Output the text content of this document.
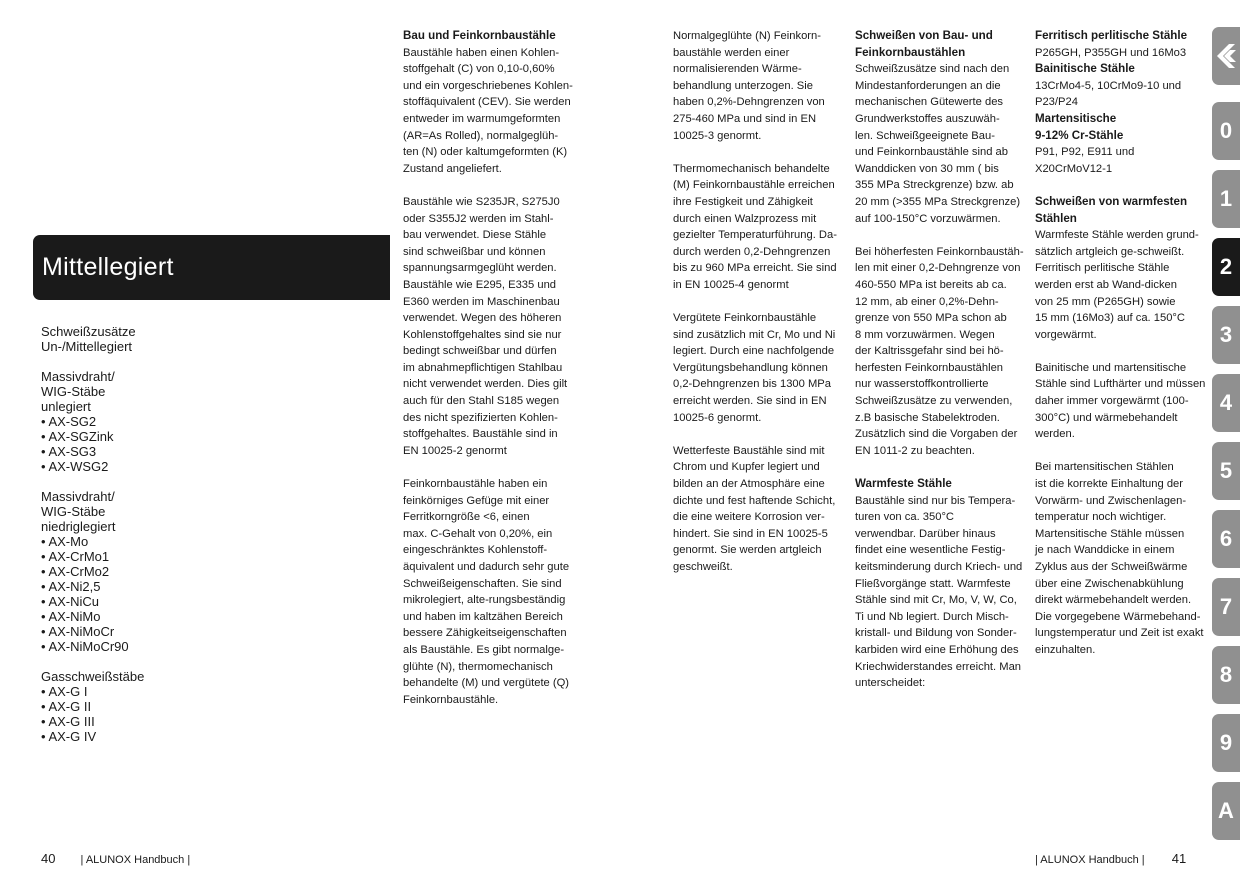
Mittellegiert
Schweißzusätze
Un-/Mittellegiert
Massivdraht/
WIG-Stäbe
unlegiert
• AX-SG2
• AX-SGZink
• AX-SG3
• AX-WSG2
Massivdraht/
WIG-Stäbe
niedriglegiert
• AX-Mo
• AX-CrMo1
• AX-CrMo2
• AX-Ni2,5
• AX-NiCu
• AX-NiMo
• AX-NiMoCr
• AX-NiMoCr90
Gasschweißstäbe
• AX-G I
• AX-G II
• AX-G III
• AX-G IV
Bau und Feinkornbaustähle
Baustähle haben einen Kohlen-
stoffgehalt (C) von 0,10-0,60%
und ein vorgeschriebenes Kohlen-
stoffäquivalent (CEV). Sie werden
entweder im warmumgeformten
(AR=As Rolled), normalgeglüh-
ten (N) oder kaltumgeformten (K)
Zustand angeliefert.
Baustähle wie S235JR, S275J0
oder S355J2 werden im Stahl-
bau verwendet. Diese Stähle
sind schweißbar und können
spannungsarmgeglüht werden.
Baustähle wie E295, E335 und
E360 werden im Maschinenbau
verwendet. Wegen des höheren
Kohlenstoffgehaltes sind sie nur
bedingt schweißbar und dürfen
im abnahmepflichtigen Stahlbau
nicht verwendet werden. Dies gilt
auch für den Stahl S185 wegen
des nicht spezifizierten Kohlen-
stoffgehaltes. Baustähle sind in
EN 10025-2 genormt
Feinkornbaustähle haben ein
feinkörniges Gefüge mit einer
Ferritkorngröße <6, einen
max. C-Gehalt von 0,20%, ein
eingeschränktes Kohlenstoff-
äquivalent und dadurch sehr gute
Schweißeigenschaften. Sie sind
mikrolegiert, alte-rungsbeständig
und haben im kaltzähen Bereich
bessere Zähigkeitseigenschaften
als Baustähle. Es gibt normalge-
glühte (N), thermomechanisch
behandelte (M) und vergütete (Q)
Feinkornbaustähle.
Normalgeglühte (N) Feinkorn-
baustähle werden einer
normalisierenden Wärme-
behandlung unterzogen. Sie
haben 0,2%-Dehngrenzen von
275-460 MPa und sind in EN
10025-3 genormt.
Thermomechanisch behandelte
(M) Feinkornbaustähle erreichen
ihre Festigkeit und Zähigkeit
durch einen Walzprozess mit
gezielter Temperaturführung. Da-
durch werden 0,2-Dehngrenzen
bis zu 960 MPa erreicht. Sie sind
in EN 10025-4 genormt
Vergütete Feinkornbaustähle
sind zusätzlich mit Cr, Mo und Ni
legiert. Durch eine nachfolgende
Vergütungsbehandlung können
0,2-Dehngrenzen bis 1300 MPa
erreicht werden. Sie sind in EN
10025-6 genormt.
Wetterfeste Baustähle sind mit
Chrom und Kupfer legiert und
bilden an der Atmosphäre eine
dichte und fest haftende Schicht,
die eine weitere Korrosion ver-
hindert. Sie sind in EN 10025-5
genormt. Sie werden artgleich
geschweißt.
Schweißen von Bau- und
Feinkornbaustählen
Schweißzusätze sind nach den
Mindestanforderungen an die
mechanischen Gütewerte des
Grundwerkstoffes auszuwäh-
len. Schweißgeeignete Bau-
und Feinkornbaustähle sind ab
Wanddicken von 30 mm ( bis
355 MPa Streckgrenze) bzw. ab
20 mm (>355 MPa Streckgrenze)
auf 100-150°C vorzuwärmen.
Bei höherfesten Feinkornbaustäh-
len mit einer 0,2-Dehngrenze von
460-550 MPa ist bereits ab ca.
12 mm, ab einer 0,2%-Dehn-
grenze von 550 MPa schon ab
8 mm vorzuwärmen. Wegen
der Kaltrissgefahr sind bei hö-
herfesten Feinkornbaustählen
nur wasserstoffkontrollierte
Schweißzusätze zu verwenden,
z.B basische Stabelektroden.
Zusätzlich sind die Vorgaben der
EN 1011-2 zu beachten.
Warmfeste Stähle
Baustähle sind nur bis Tempera-
turen von ca. 350°C
verwendbar. Darüber hinaus
findet eine wesentliche Festig-
keitsminderung durch Kriech- und
Fließvorgänge statt. Warmfeste
Stähle sind mit Cr, Mo, V, W, Co,
Ti und Nb legiert. Durch Misch-
kristall- und Bildung von Sonder-
karbiden wird eine Erhöhung des
Kriechwiderstandes erreicht. Man
unterscheidet:
Ferritisch perlitische Stähle
P265GH, P355GH und 16Mo3
Bainitische Stähle
13CrMo4-5, 10CrMo9-10 und
P23/P24
Martensitische
9-12% Cr-Stähle
P91, P92, E911 und
X20CrMoV12-1
Schweißen von warmfesten
Stählen
Warmfeste Stähle werden grund-
sätzlich artgleich ge-schweißt.
Ferritisch perlitische Stähle
werden erst ab Wand-dicken
von 25 mm (P265GH) sowie
15 mm (16Mo3) auf ca. 150°C
vorgewärmt.
Bainitische und martensitische
Stähle sind Lufthärter und müssen
daher immer vorgewärmt (100-
300°C) und wärmebehandelt
werden.
Bei martensitischen Stählen
ist die korrekte Einhaltung der
Vorwärm- und Zwischenlagen-
temperatur noch wichtiger.
Martensitische Stähle müssen
je nach Wanddicke in einem
Zyklus aus der Schweißwärme
über eine Zwischenabkühlung
direkt wärmebehandelt werden.
Die vorgegebene Wärmebehand-
lungstemperatur und Zeit ist exakt
einzuhalten.
40 | ALUNOX Handbuch |	| ALUNOX Handbuch | 41
0
1
2
3
4
5
6
7
8
9
A
